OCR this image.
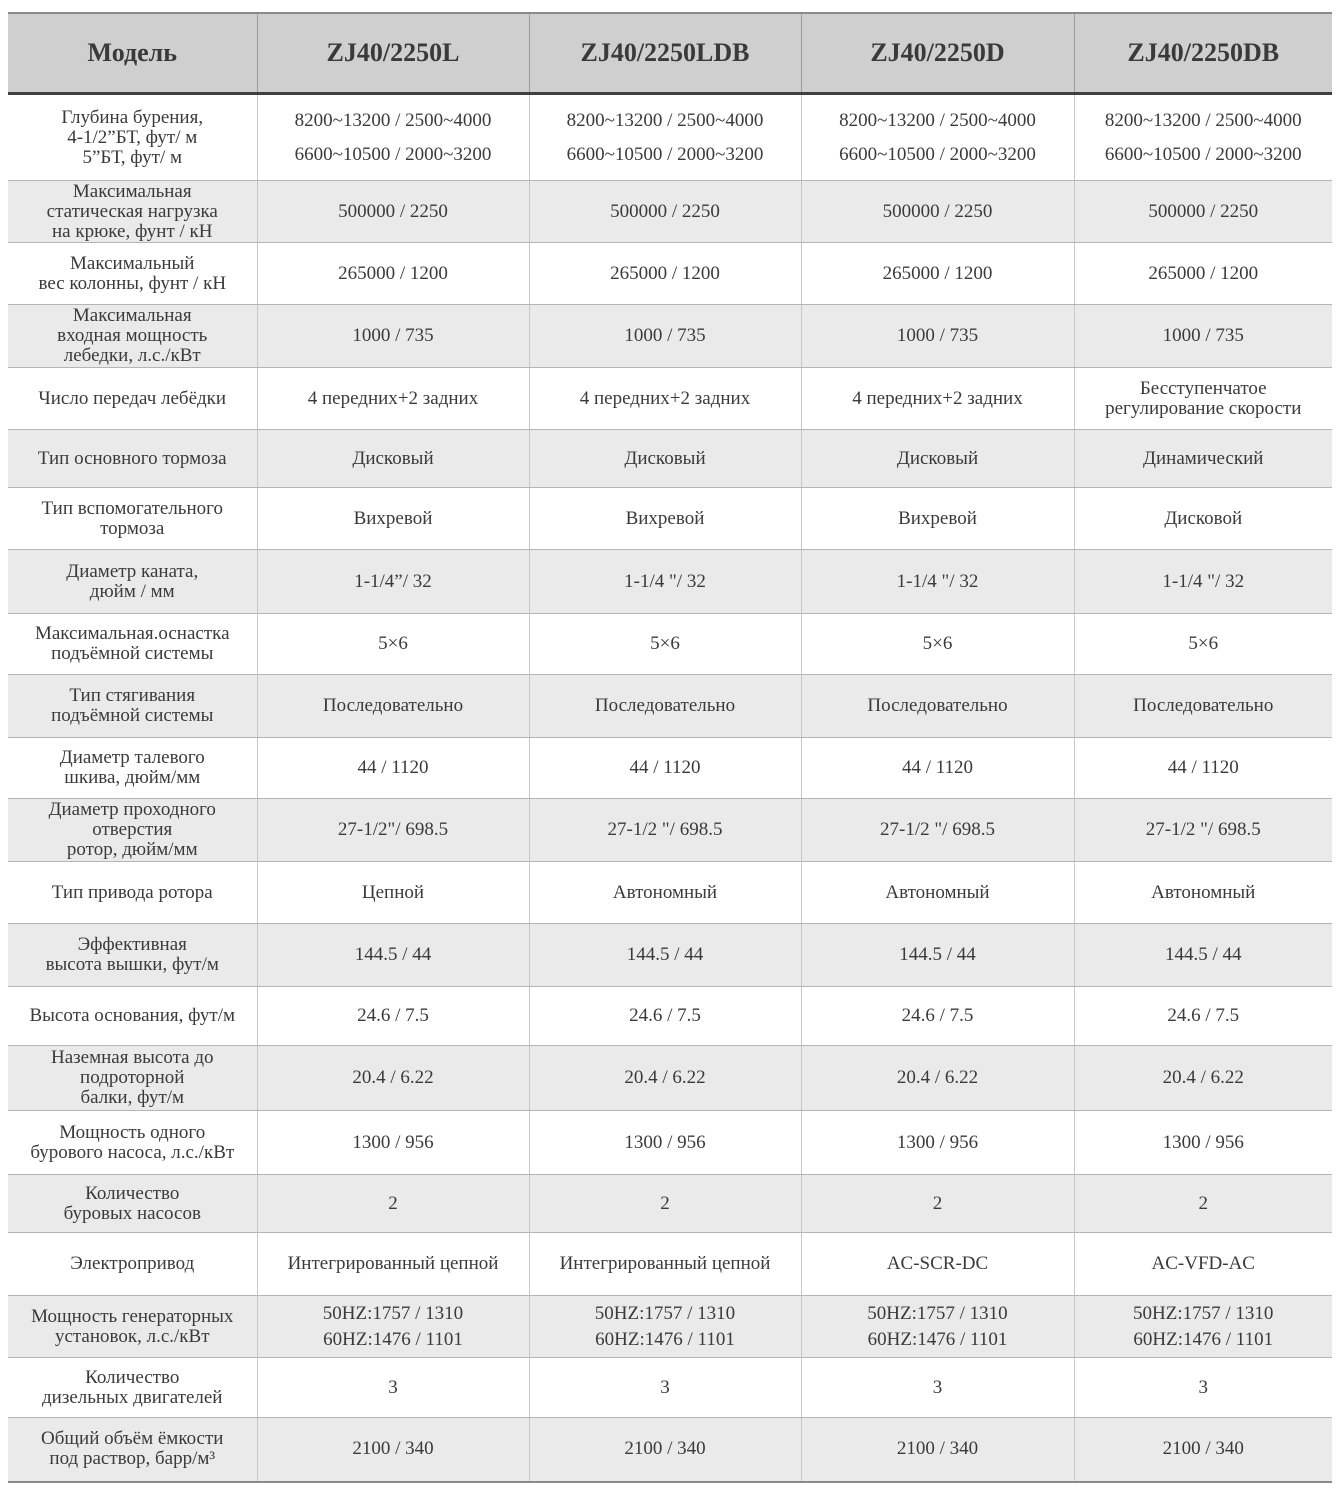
Модель	ZJ40/2250L	ZJ40/2250LDB	ZJ40/2250D	ZJ40/2250DB

Глубина бурения,
4-1/2”БТ, фут/ м
5”БТ, фут/ м	8200~13200 / 2500~4000
6600~10500 / 2000~3200	8200~13200 / 2500~4000
6600~10500 / 2000~3200	8200~13200 / 2500~4000
6600~10500 / 2000~3200	8200~13200 / 2500~4000
6600~10500 / 2000~3200

Максимальная
статическая нагрузка
на крюке, фунт / кН	500000 / 2250	500000 / 2250	500000 / 2250	500000 / 2250

Максимальный
вес колонны, фунт / кН	265000 / 1200	265000 / 1200	265000 / 1200	265000 / 1200

Максимальная
входная мощность
лебедки, л.с./кВт	1000 / 735	1000 / 735	1000 / 735	1000 / 735

Число передач лебёдки	4 передних+2 задних	4 передних+2 задних	4 передних+2 задних	Бесступенчатое
регулирование скорости

Тип основного тормоза	Дисковый	Дисковый	Дисковый	Динамический

Тип вспомогательного
тормоза	Вихревой	Вихревой	Вихревой	Дисковой

Диаметр каната,
дюйм / мм	1-1/4”/ 32	1-1/4 "/ 32	1-1/4 "/ 32	1-1/4 "/ 32

Максимальная.оснастка
подъёмной системы	5×6	5×6	5×6	5×6

Тип стягивания
подъёмной системы	Последовательно	Последовательно	Последовательно	Последовательно

Диаметр талевого
шкива, дюйм/мм	44 / 1120	44 / 1120	44 / 1120	44 / 1120

Диаметр проходного
отверстия
ротор, дюйм/мм	27-1/2"/ 698.5	27-1/2 "/ 698.5	27-1/2 "/ 698.5	27-1/2 "/ 698.5

Тип привода ротора	Цепной	Автономный	Автономный	Автономный

Эффективная
высота вышки, фут/м	144.5 / 44	144.5 / 44	144.5 / 44	144.5 / 44

Высота основания, фут/м	24.6 / 7.5	24.6 / 7.5	24.6 / 7.5	24.6 / 7.5

Наземная высота до
подроторной
балки, фут/м	20.4 / 6.22	20.4 / 6.22	20.4 / 6.22	20.4 / 6.22

Мощность одного
бурового насоса, л.с./кВт	1300 / 956	1300 / 956	1300 / 956	1300 / 956

Количество
буровых насосов	2	2	2	2

Электропривод	Интегрированный цепной	Интегрированный цепной	AC-SCR-DC	AC-VFD-AC

Мощность генераторных
установок, л.с./кВт	50HZ:1757 / 1310
60HZ:1476 / 1101	50HZ:1757 / 1310
60HZ:1476 / 1101	50HZ:1757 / 1310
60HZ:1476 / 1101	50HZ:1757 / 1310
60HZ:1476 / 1101

Количество
дизельных двигателей	3	3	3	3

Общий объём ёмкости
под раствор, барр/м³	2100 / 340	2100 / 340	2100 / 340	2100 / 340
